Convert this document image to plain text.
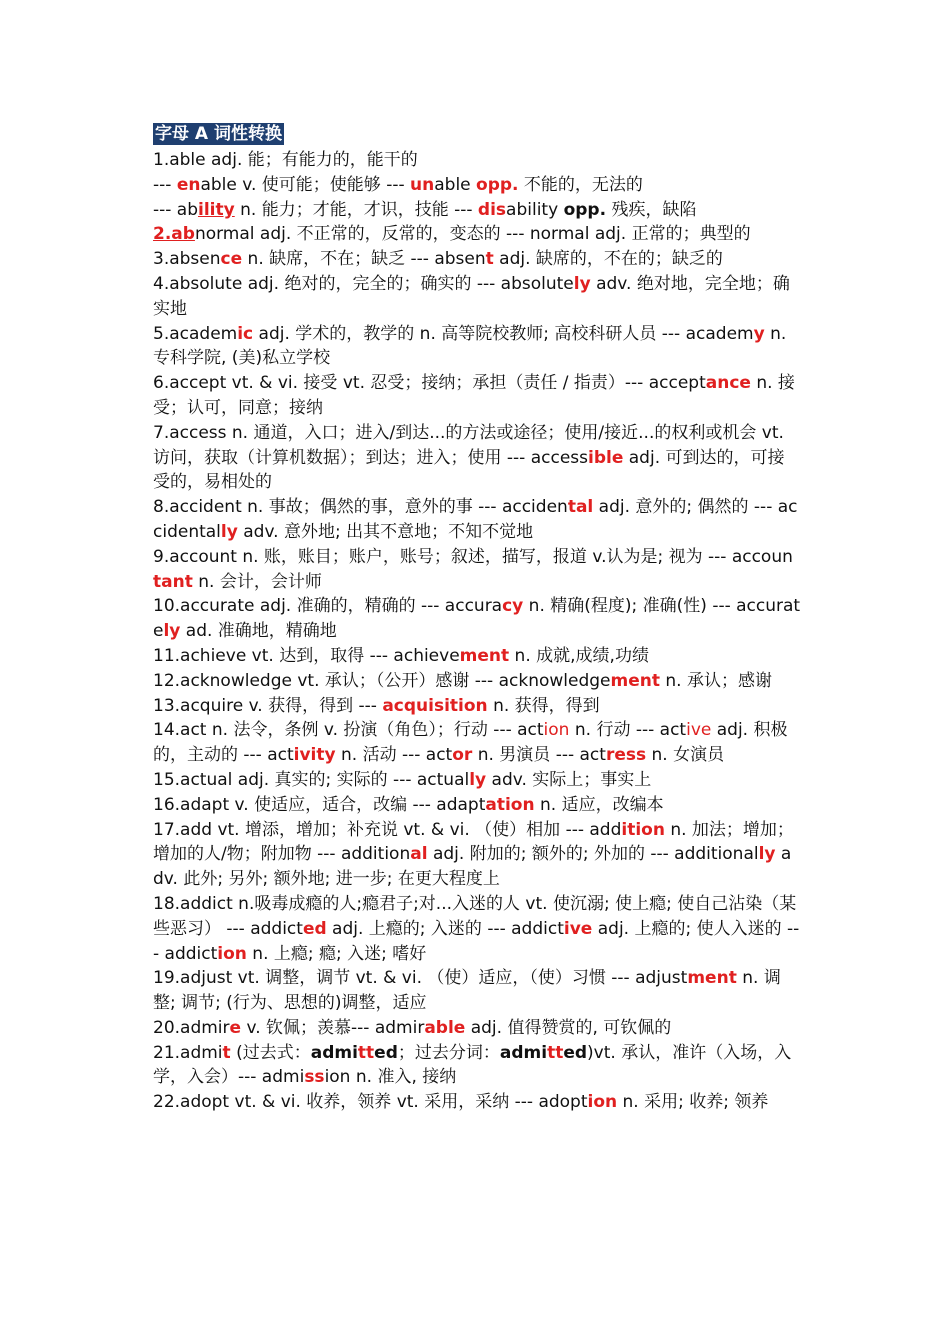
字母 A 词性转换

1.able adj. 能；有能力的，能干的

--- enable v. 使可能；使能够 --- unable opp. 不能的，无法的

--- ability n. 能力；才能，才识，技能 --- disability opp. 残疾，缺陷

2.abnormal adj. 不正常的，反常的，变态的 --- normal adj. 正常的；典型的

3.absence n. 缺席，不在；缺乏 --- absent adj. 缺席的，不在的；缺乏的

4.absolute adj. 绝对的，完全的；确实的 --- absolutely adv. 绝对地，完全地；确实地

5.academic adj. 学术的，教学的 n. 高等院校教师; 高校科研人员 --- academy n. 专科学院, (美)私立学校

6.accept vt. & vi. 接受 vt. 忍受；接纳；承担（责任 / 指责）--- acceptance n. 接受；认可，同意；接纳

7.access n. 通道，入口；进入/到达...的方法或途径；使用/接近...的权利或机会 vt. 访问，获取（计算机数据）；到达；进入；使用 --- accessible adj. 可到达的，可接受的，易相处的

8.accident n. 事故；偶然的事，意外的事 --- accidental adj. 意外的; 偶然的 --- accidentally adv. 意外地; 出其不意地；不知不觉地

9.account n. 账，账目；账户，账号；叙述，描写，报道 v.认为是; 视为 --- accountant n. 会计，会计师

10.accurate adj. 准确的，精确的 --- accuracy n. 精确(程度); 准确(性) --- accurately ad. 准确地，精确地

11.achieve vt. 达到，取得 --- achievement n. 成就,成绩,功绩

12.acknowledge vt. 承认；（公开）感谢 --- acknowledgement n. 承认；感谢

13.acquire v. 获得，得到 --- acquisition n. 获得，得到

14.act n. 法令，条例 v. 扮演（角色）；行动 --- action n. 行动 --- active adj. 积极的，主动的 --- activity n. 活动 --- actor n. 男演员 --- actress n. 女演员

15.actual adj. 真实的; 实际的 --- actually adv. 实际上；事实上

16.adapt v. 使适应，适合，改编 --- adaptation n. 适应，改编本

17.add vt. 增添，增加；补充说 vt. & vi. （使）相加 --- addition n. 加法；增加；增加的人/物；附加物 --- additional adj. 附加的; 额外的; 外加的 --- additionally adv. 此外; 另外; 额外地; 进一步; 在更大程度上

18.addict n.吸毒成瘾的人;瘾君子;对...入迷的人 vt. 使沉溺; 使上瘾; 使自己沾染（某些恶习） --- addicted adj. 上瘾的; 入迷的 --- addictive adj. 上瘾的; 使人入迷的 --- addiction n. 上瘾; 瘾; 入迷; 嗜好

19.adjust vt. 调整，调节 vt. & vi. （使）适应，（使）习惯 --- adjustment n. 调整; 调节; (行为、思想的)调整，适应

20.admire v. 钦佩；羡慕--- admirable adj. 值得赞赏的, 可钦佩的

21.admit (过去式：admitted；过去分词：admitted)vt. 承认，准许（入场，入学，入会）--- admission n. 准入, 接纳

22.adopt vt. & vi. 收养，领养 vt. 采用，采纳 --- adoption n. 采用; 收养; 领养
